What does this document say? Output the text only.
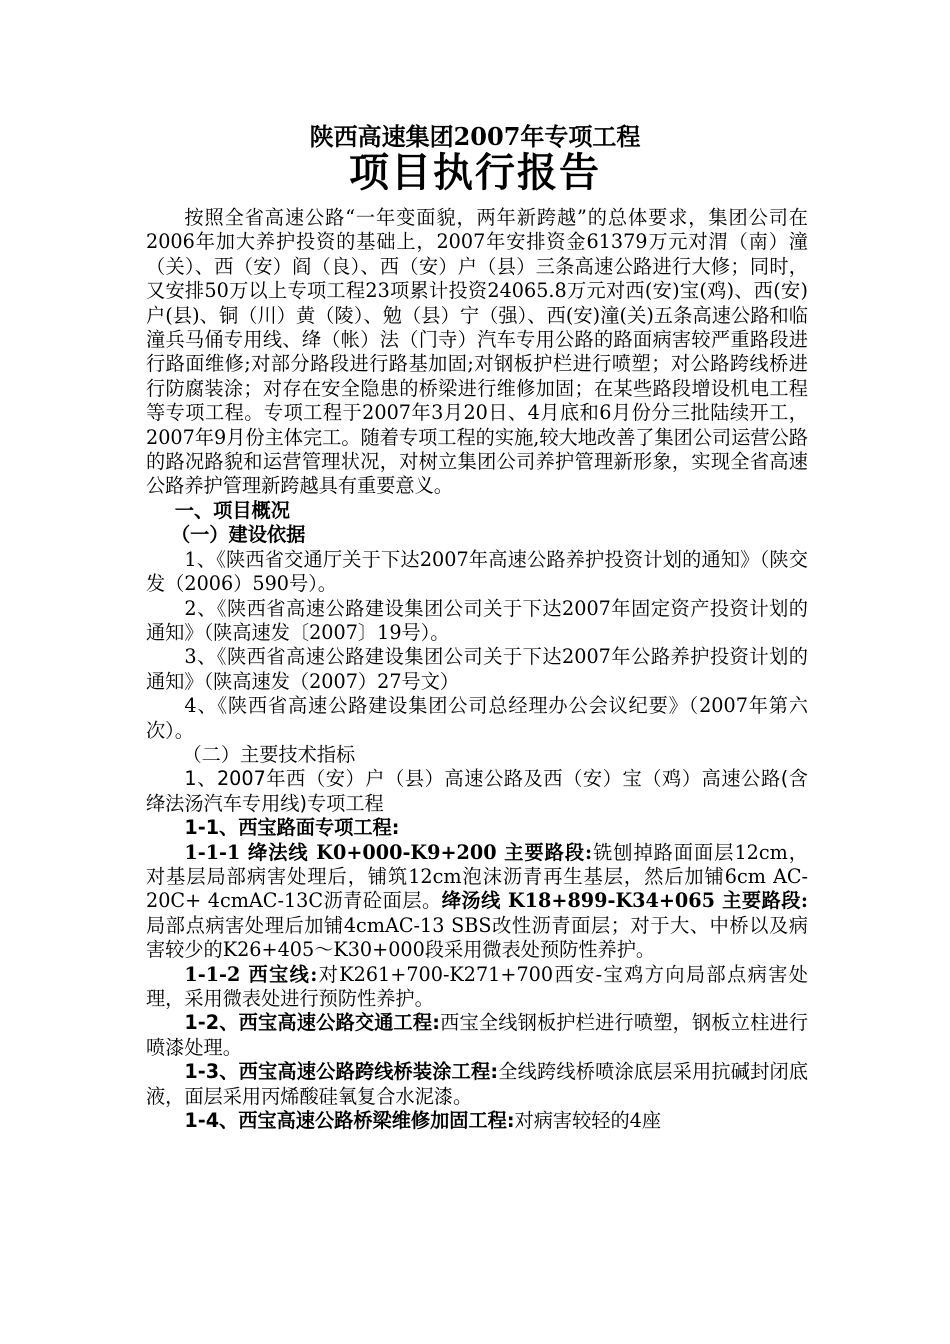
陕西高速集团2007年专项工程
项目执行报告

按照全省高速公路“一年变面貌，两年新跨越”的总体要求，集团公司在2006年加大养护投资的基础上，2007年安排资金61379万元对渭（南）潼（关）、西（安）阎（良）、西（安）户（县）三条高速公路进行大修；同时，又安排50万以上专项工程23项累计投资24065.8万元对西(安)宝(鸡)、西(安)户(县)、铜（川）黄（陵）、勉（县）宁（强）、西(安)潼(关)五条高速公路和临潼兵马俑专用线、绛（帐）法（门寺）汽车专用公路的路面病害较严重路段进行路面维修;对部分路段进行路基加固;对钢板护栏进行喷塑；对公路跨线桥进行防腐装涂；对存在安全隐患的桥梁进行维修加固；在某些路段增设机电工程等专项工程。专项工程于2007年3月20日、4月底和6月份分三批陆续开工，2007年9月份主体完工。随着专项工程的实施,较大地改善了集团公司运营公路的路况路貌和运营管理状况，对树立集团公司养护管理新形象，实现全省高速公路养护管理新跨越具有重要意义。

一、项目概况

（一）建设依据

1、《陕西省交通厅关于下达2007年高速公路养护投资计划的通知》（陕交发（2006）590号）。

2、《陕西省高速公路建设集团公司关于下达2007年固定资产投资计划的通知》（陕高速发〔2007〕19号）。

3、《陕西省高速公路建设集团公司关于下达2007年公路养护投资计划的通知》（陕高速发（2007）27号文）

4、《陕西省高速公路建设集团公司总经理办公会议纪要》（2007年第六次）。

（二）主要技术指标

1、2007年西（安）户（县）高速公路及西（安）宝（鸡）高速公路(含绛法汤汽车专用线)专项工程

1-1、西宝路面专项工程:

1-1-1 绛法线 K0+000-K9+200 主要路段:铣刨掉路面面层12cm，对基层局部病害处理后，铺筑12cm泡沫沥青再生基层，然后加铺6cm AC-20C+ 4cmAC-13C沥青砼面层。绛汤线 K18+899-K34+065 主要路段:局部点病害处理后加铺4cmAC-13 SBS改性沥青面层；对于大、中桥以及病害较少的K26+405～K30+000段采用微表处预防性养护。

1-1-2 西宝线:对K261+700-K271+700西安-宝鸡方向局部点病害处理，采用微表处进行预防性养护。

1-2、西宝高速公路交通工程:西宝全线钢板护栏进行喷塑，钢板立柱进行喷漆处理。

1-3、西宝高速公路跨线桥装涂工程:全线跨线桥喷涂底层采用抗碱封闭底液，面层采用丙烯酸硅氧复合水泥漆。

1-4、西宝高速公路桥梁维修加固工程:对病害较轻的4座
